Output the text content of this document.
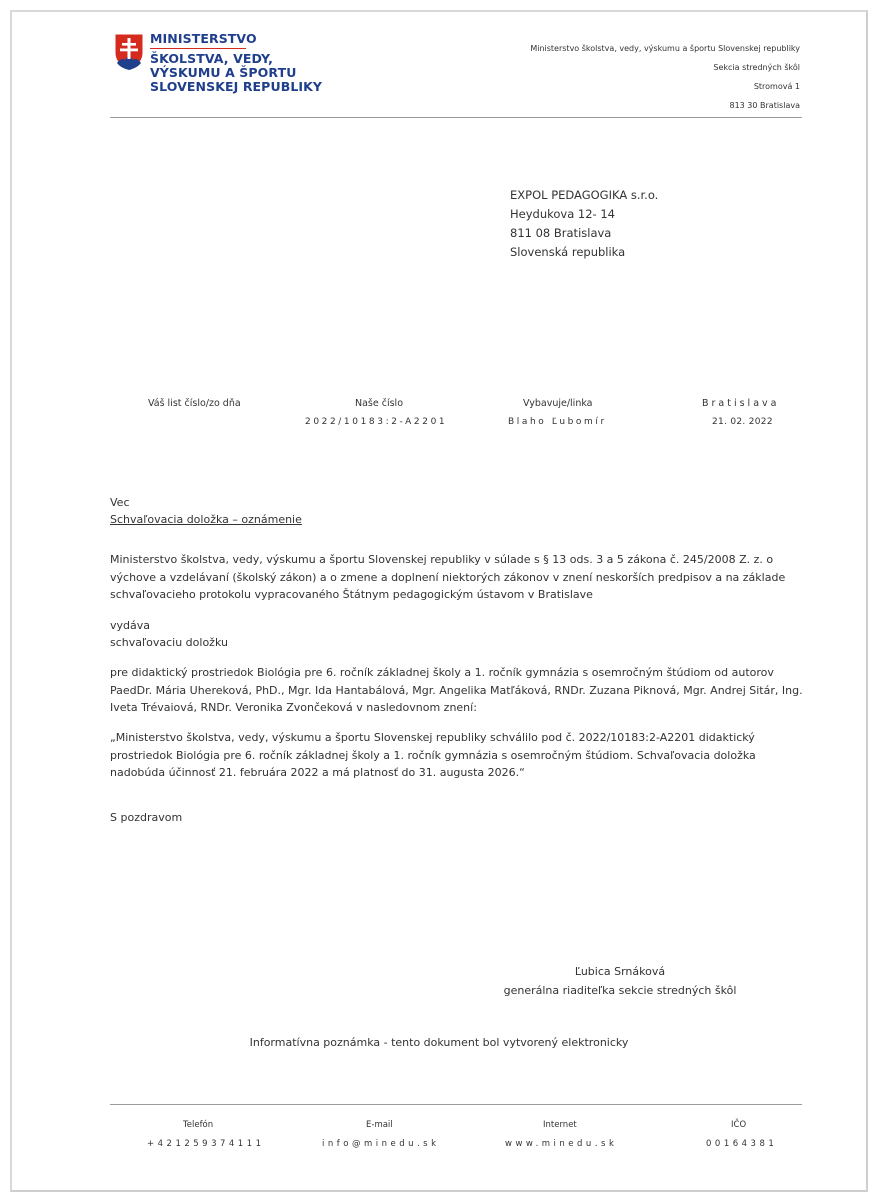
MINISTERSTVO
ŠKOLSTVA, VEDY,
VÝSKUMU A ŠPORTU
SLOVENSKEJ REPUBLIKY
Ministerstvo školstva, vedy, výskumu a športu Slovenskej republiky
Sekcia stredných škôl
Stromová 1
813 30 Bratislava
EXPOL PEDAGOGIKA s.r.o.
Heydukova 12- 14
811 08 Bratislava
Slovenská republika
Váš list číslo/zo dňa	Naše číslo
2022/10183:2-A2201
Vybavuje/linka
Blaho Ľubomír
Bratislava
21. 02. 2022
Vec
Schvaľovacia doložka – oznámenie
Ministerstvo školstva, vedy, výskumu a športu Slovenskej republiky v súlade s § 13 ods. 3 a 5 zákona č. 245/2008 Z. z. o výchove a vzdelávaní (školský zákon) a o zmene a doplnení niektorých zákonov v znení neskorších predpisov a na základe schvaľovacieho protokolu vypracovaného Štátnym pedagogickým ústavom v Bratislave
vydáva
schvaľovaciu doložku
pre didaktický prostriedok Biológia pre 6. ročník základnej školy a 1. ročník gymnázia s osemročným štúdiom od autorov PaedDr. Mária Uhereková, PhD., Mgr. Ida Hantabálová, Mgr. Angelika Matľáková, RNDr. Zuzana Piknová, Mgr. Andrej Sitár, Ing. Iveta Trévaiová, RNDr. Veronika Zvončeková v nasledovnom znení:
„Ministerstvo školstva, vedy, výskumu a športu Slovenskej republiky schválilo pod č. 2022/10183:2-A2201 didaktický prostriedok Biológia pre 6. ročník základnej školy a 1. ročník gymnázia s osemročným štúdiom. Schvaľovacia doložka nadobúda účinnosť 21. februára 2022 a má platnosť do 31. augusta 2026.“
S pozdravom
Ľubica Srnáková
generálna riaditeľka sekcie stredných škôl
Informatívna poznámka - tento dokument bol vytvorený elektronicky
Telefón
+421259374111
E-mail
info@minedu.sk
Internet
www.minedu.sk
IČO
00164381
